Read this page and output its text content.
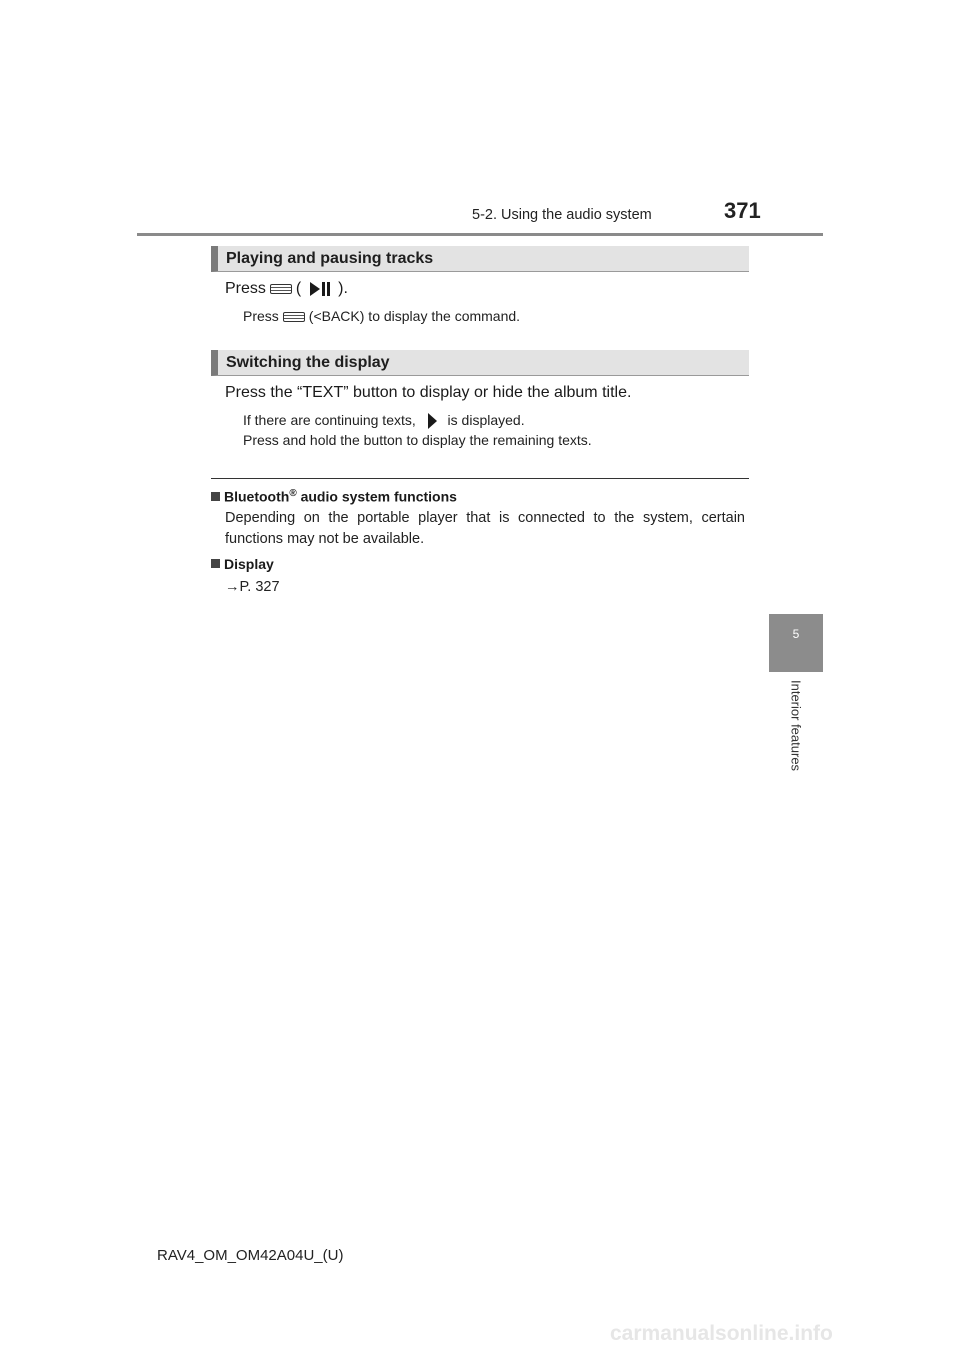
5-2. Using the audio system	371
5
Interior features
Playing and pausing tracks
Press ( ).
Press (<BACK) to display the command.
Switching the display
Press the “TEXT” button to display or hide the album title.
If there are continuing texts, is displayed.
Press and hold the button to display the remaining texts.
Bluetooth® audio system functions
Depending on the portable player that is connected to the system, certain functions may not be available.
Display
→P. 327
RAV4_OM_OM42A04U_(U)
carmanualsonline.info
